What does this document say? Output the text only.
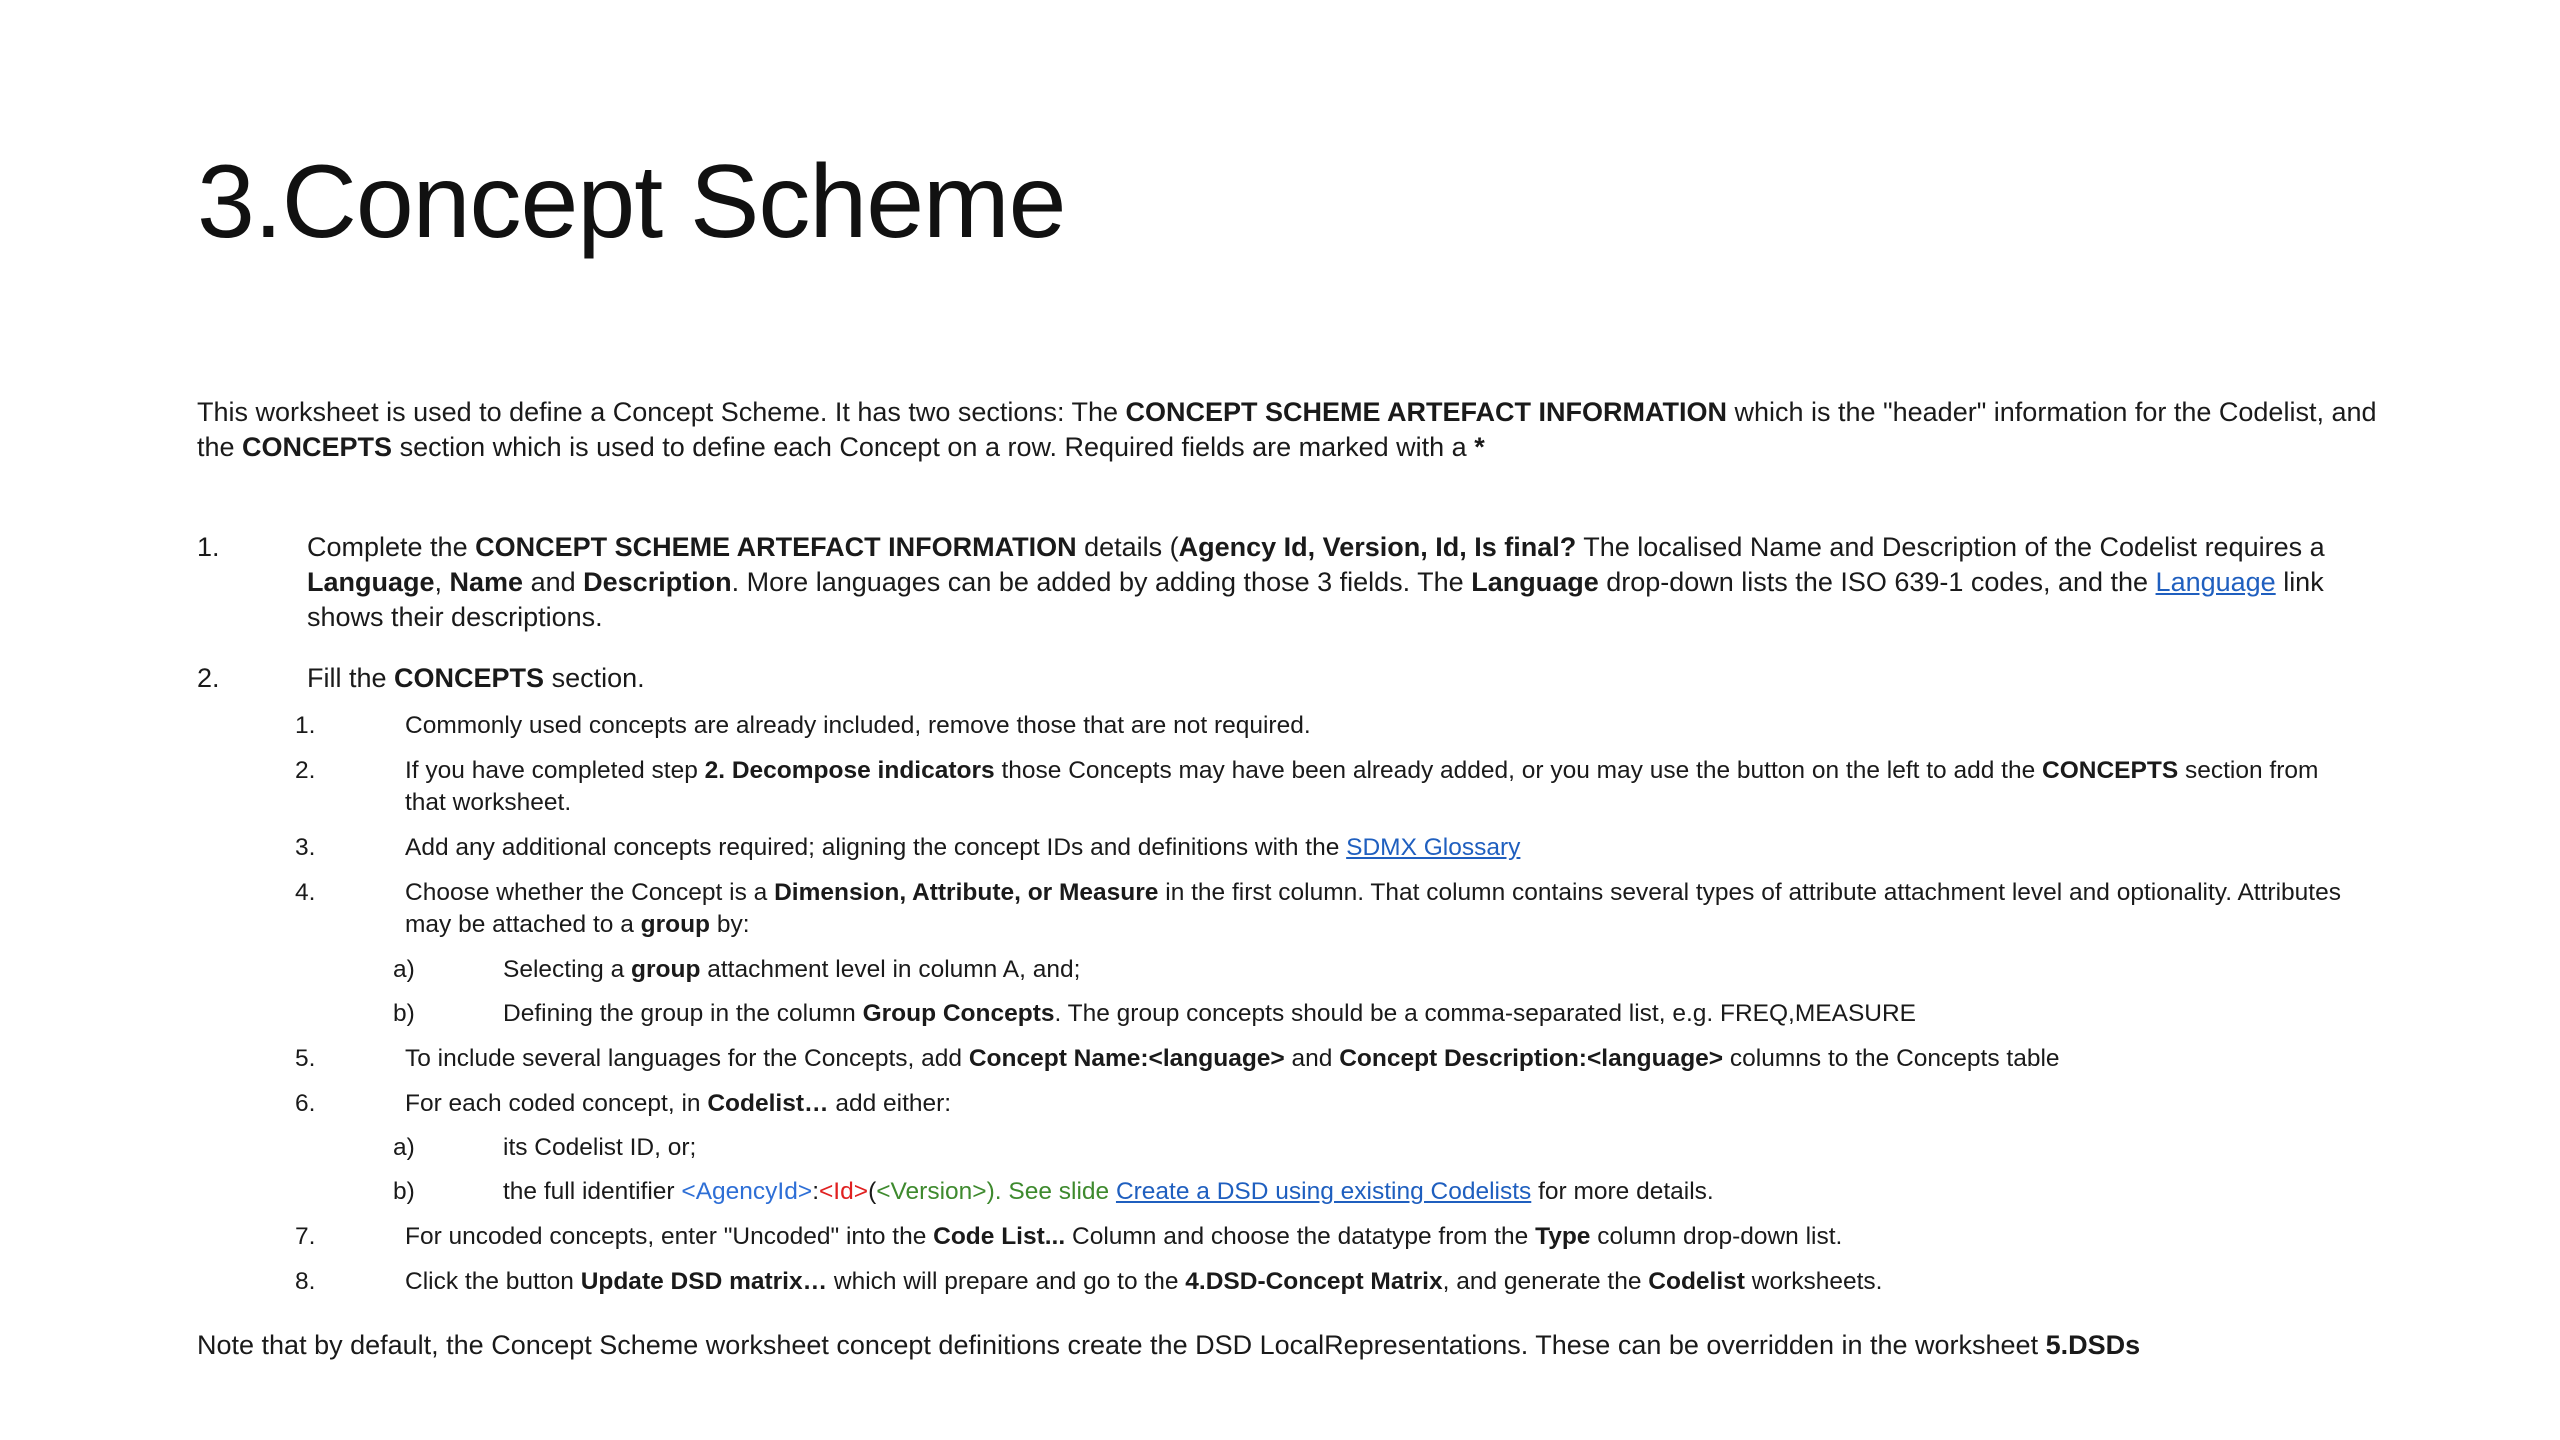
3.Concept Scheme
This worksheet is used to define a Concept Scheme. It has two sections: The CONCEPT SCHEME ARTEFACT INFORMATION which is the "header" information for the Codelist, and the CONCEPTS section which is used to define each Concept on a row. Required fields are marked with a *
1.	Complete the CONCEPT SCHEME ARTEFACT INFORMATION details (Agency Id, Version, Id, Is final? The localised Name and Description of the Codelist requires a Language, Name and Description. More languages can be added by adding those 3 fields. The Language drop-down lists the ISO 639-1 codes, and the Language link shows their descriptions.
2.	Fill the CONCEPTS section.
1.	Commonly used concepts are already included, remove those that are not required.
2.	If you have completed step 2. Decompose indicators those Concepts may have been already added, or you may use the button on the left to add the CONCEPTS section from that worksheet.
3.	Add any additional concepts required; aligning the concept IDs and definitions with the SDMX Glossary
4.	Choose whether the Concept is a Dimension, Attribute, or Measure in the first column. That column contains several types of attribute attachment level and optionality. Attributes may be attached to a group by:
a)	Selecting a group attachment level in column A, and;
b)	Defining the group in the column Group Concepts. The group concepts should be a comma-separated list, e.g. FREQ,MEASURE
5.	To include several languages for the Concepts, add Concept Name:<language> and Concept Description:<language> columns to the Concepts table
6.	For each coded concept, in Codelist… add either:
a)	its Codelist ID, or;
b)	the full identifier <AgencyId>:<Id>(<Version>). See slide Create a DSD using existing Codelists for more details.
7.	For uncoded concepts, enter "Uncoded" into the Code List... Column and choose the datatype from the Type column drop-down list.
8.	Click the button Update DSD matrix… which will prepare and go to the 4.DSD-Concept Matrix, and generate the Codelist worksheets.
Note that by default, the Concept Scheme worksheet concept definitions create the DSD LocalRepresentations. These can be overridden in the worksheet 5.DSDs
